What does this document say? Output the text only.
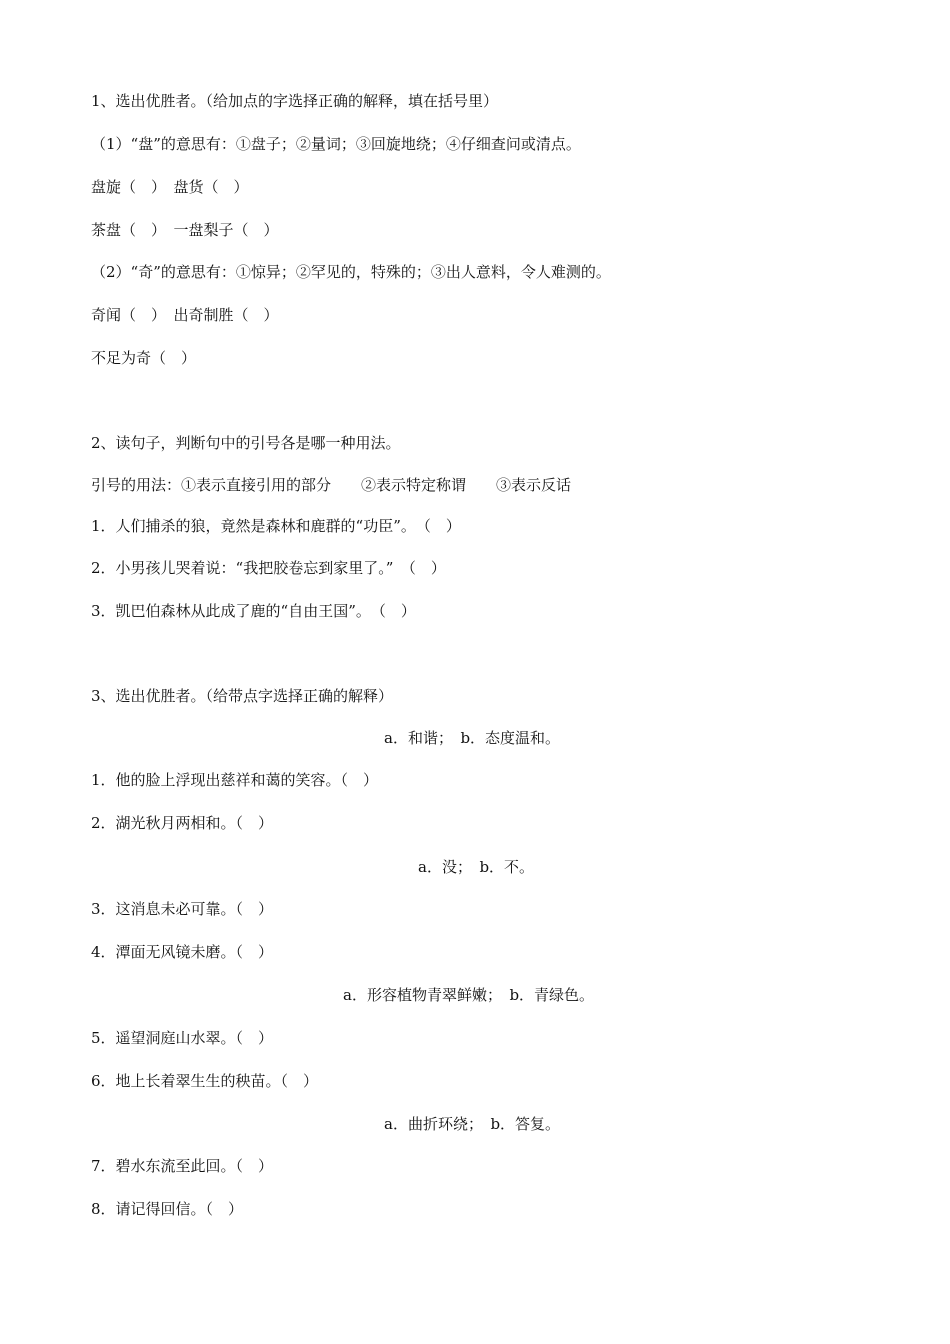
1、选出优胜者。（给加点的字选择正确的解释，填在括号里）
（1）“盘”的意思有：①盘子；②量词；③回旋地绕；④仔细查问或清点。
盘旋（　）　盘货（　）
茶盘（　）　一盘梨子（　）
（2）“奇”的意思有：①惊异；②罕见的，特殊的；③出人意料，令人难测的。
奇闻（　）　出奇制胜（　）
不足为奇（　）
2、读句子，判断句中的引号各是哪一种用法。
引号的用法：①表示直接引用的部分　　②表示特定称谓　　③表示反话
1．人们捕杀的狼，竟然是森林和鹿群的“功臣”。　（　）
2．小男孩儿哭着说：“我把胶卷忘到家里了。”　（　）
3．凯巴伯森林从此成了鹿的“自由王国”。　（　）
3、选出优胜者。（给带点字选择正确的解释）
a．和谐；　b．态度温和。
1．他的脸上浮现出慈祥和蔼的笑容。（　）
2．湖光秋月两相和。（　）
a．没；　b．不。
3．这消息未必可靠。（　）
4．潭面无风镜未磨。（　）
a．形容植物青翠鲜嫩；　b．青绿色。
5．遥望洞庭山水翠。（　）
6．地上长着翠生生的秧苗。（　）
a．曲折环绕；　b．答复。
7．碧水东流至此回。（　）
8．请记得回信。（　）
